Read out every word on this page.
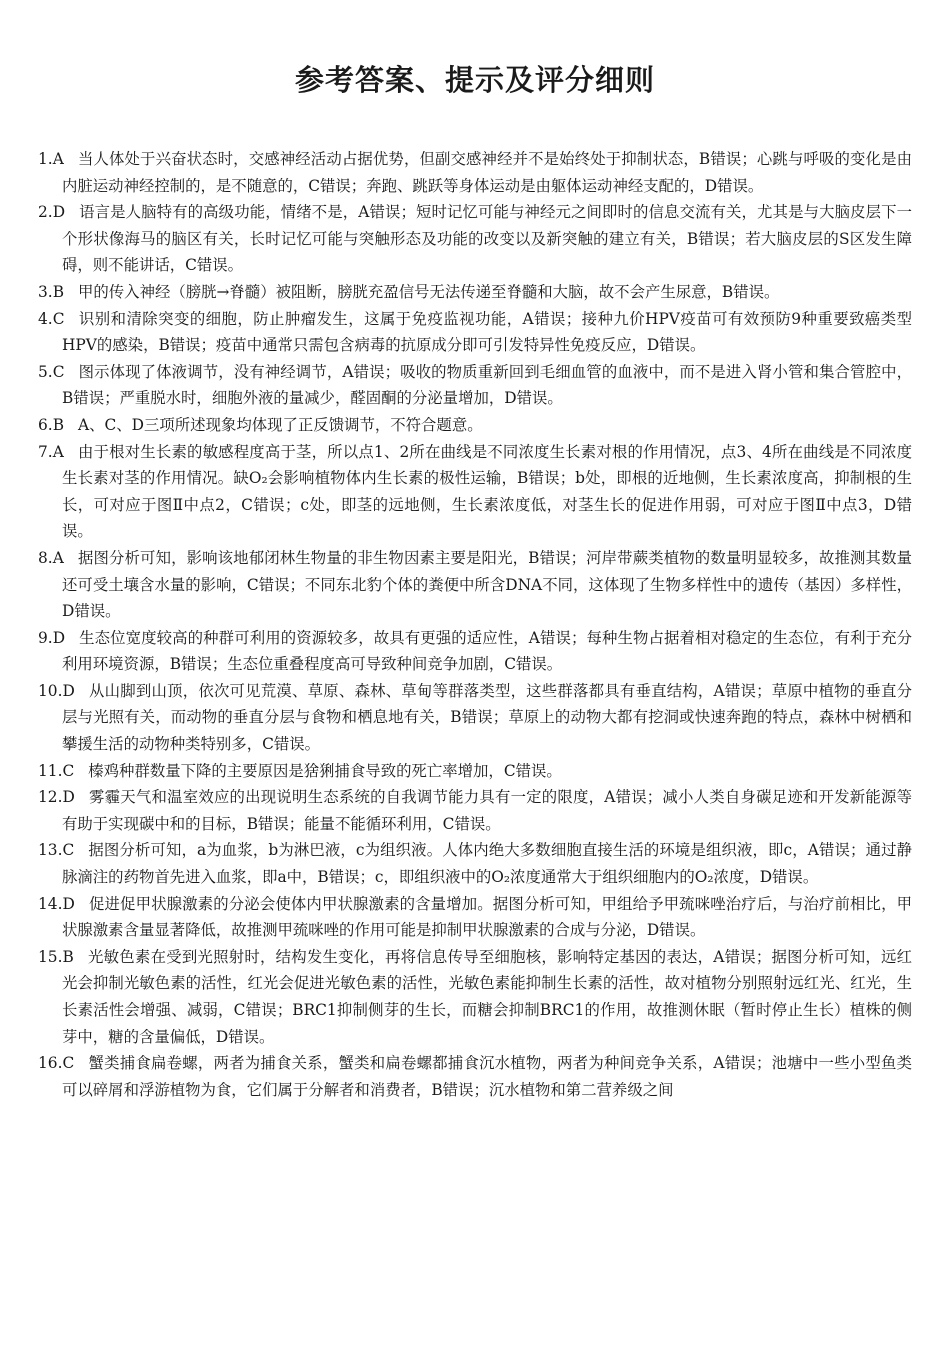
参考答案、提示及评分细则
1.A 当人体处于兴奋状态时，交感神经活动占据优势，但副交感神经并不是始终处于抑制状态，B错误；心跳与呼吸的变化是由内脏运动神经控制的，是不随意的，C错误；奔跑、跳跃等身体运动是由躯体运动神经支配的，D错误。
2.D 语言是人脑特有的高级功能，情绪不是，A错误；短时记忆可能与神经元之间即时的信息交流有关，尤其是与大脑皮层下一个形状像海马的脑区有关，长时记忆可能与突触形态及功能的改变以及新突触的建立有关，B错误；若大脑皮层的S区发生障碍，则不能讲话，C错误。
3.B 甲的传入神经（膀胱→脊髓）被阻断，膀胱充盈信号无法传递至脊髓和大脑，故不会产生尿意，B错误。
4.C 识别和清除突变的细胞，防止肿瘤发生，这属于免疫监视功能，A错误；接种九价HPV疫苗可有效预防9种重要致癌类型HPV的感染，B错误；疫苗中通常只需包含病毒的抗原成分即可引发特异性免疫反应，D错误。
5.C 图示体现了体液调节，没有神经调节，A错误；吸收的物质重新回到毛细血管的血液中，而不是进入肾小管和集合管腔中，B错误；严重脱水时，细胞外液的量减少，醛固酮的分泌量增加，D错误。
6.B A、C、D三项所述现象均体现了正反馈调节，不符合题意。
7.A 由于根对生长素的敏感程度高于茎，所以点1、2所在曲线是不同浓度生长素对根的作用情况，点3、4所在曲线是不同浓度生长素对茎的作用情况。缺O₂会影响植物体内生长素的极性运输，B错误；b处，即根的近地侧，生长素浓度高，抑制根的生长，可对应于图Ⅱ中点2，C错误；c处，即茎的远地侧，生长素浓度低，对茎生长的促进作用弱，可对应于图Ⅱ中点3，D错误。
8.A 据图分析可知，影响该地郁闭林生物量的非生物因素主要是阳光，B错误；河岸带蕨类植物的数量明显较多，故推测其数量还可受土壤含水量的影响，C错误；不同东北豹个体的粪便中所含DNA不同，这体现了生物多样性中的遗传（基因）多样性，D错误。
9.D 生态位宽度较高的种群可利用的资源较多，故具有更强的适应性，A错误；每种生物占据着相对稳定的生态位，有利于充分利用环境资源，B错误；生态位重叠程度高可导致种间竞争加剧，C错误。
10.D 从山脚到山顶，依次可见荒漠、草原、森林、草甸等群落类型，这些群落都具有垂直结构，A错误；草原中植物的垂直分层与光照有关，而动物的垂直分层与食物和栖息地有关，B错误；草原上的动物大都有挖洞或快速奔跑的特点，森林中树栖和攀援生活的动物种类特别多，C错误。
11.C 榛鸡种群数量下降的主要原因是猞猁捕食导致的死亡率增加，C错误。
12.D 雾霾天气和温室效应的出现说明生态系统的自我调节能力具有一定的限度，A错误；减小人类自身碳足迹和开发新能源等有助于实现碳中和的目标，B错误；能量不能循环利用，C错误。
13.C 据图分析可知，a为血浆，b为淋巴液，c为组织液。人体内绝大多数细胞直接生活的环境是组织液，即c，A错误；通过静脉滴注的药物首先进入血浆，即a中，B错误；c，即组织液中的O₂浓度通常大于组织细胞内的O₂浓度，D错误。
14.D 促进促甲状腺激素的分泌会使体内甲状腺激素的含量增加。据图分析可知，甲组给予甲巯咪唑治疗后，与治疗前相比，甲状腺激素含量显著降低，故推测甲巯咪唑的作用可能是抑制甲状腺激素的合成与分泌，D错误。
15.B 光敏色素在受到光照射时，结构发生变化，再将信息传导至细胞核，影响特定基因的表达，A错误；据图分析可知，远红光会抑制光敏色素的活性，红光会促进光敏色素的活性，光敏色素能抑制生长素的活性，故对植物分别照射远红光、红光，生长素活性会增强、减弱，C错误；BRC1抑制侧芽的生长，而糖会抑制BRC1的作用，故推测休眠（暂时停止生长）植株的侧芽中，糖的含量偏低，D错误。
16.C 蟹类捕食扁卷螺，两者为捕食关系，蟹类和扁卷螺都捕食沉水植物，两者为种间竞争关系，A错误；池塘中一些小型鱼类可以碎屑和浮游植物为食，它们属于分解者和消费者，B错误；沉水植物和第二营养级之间
